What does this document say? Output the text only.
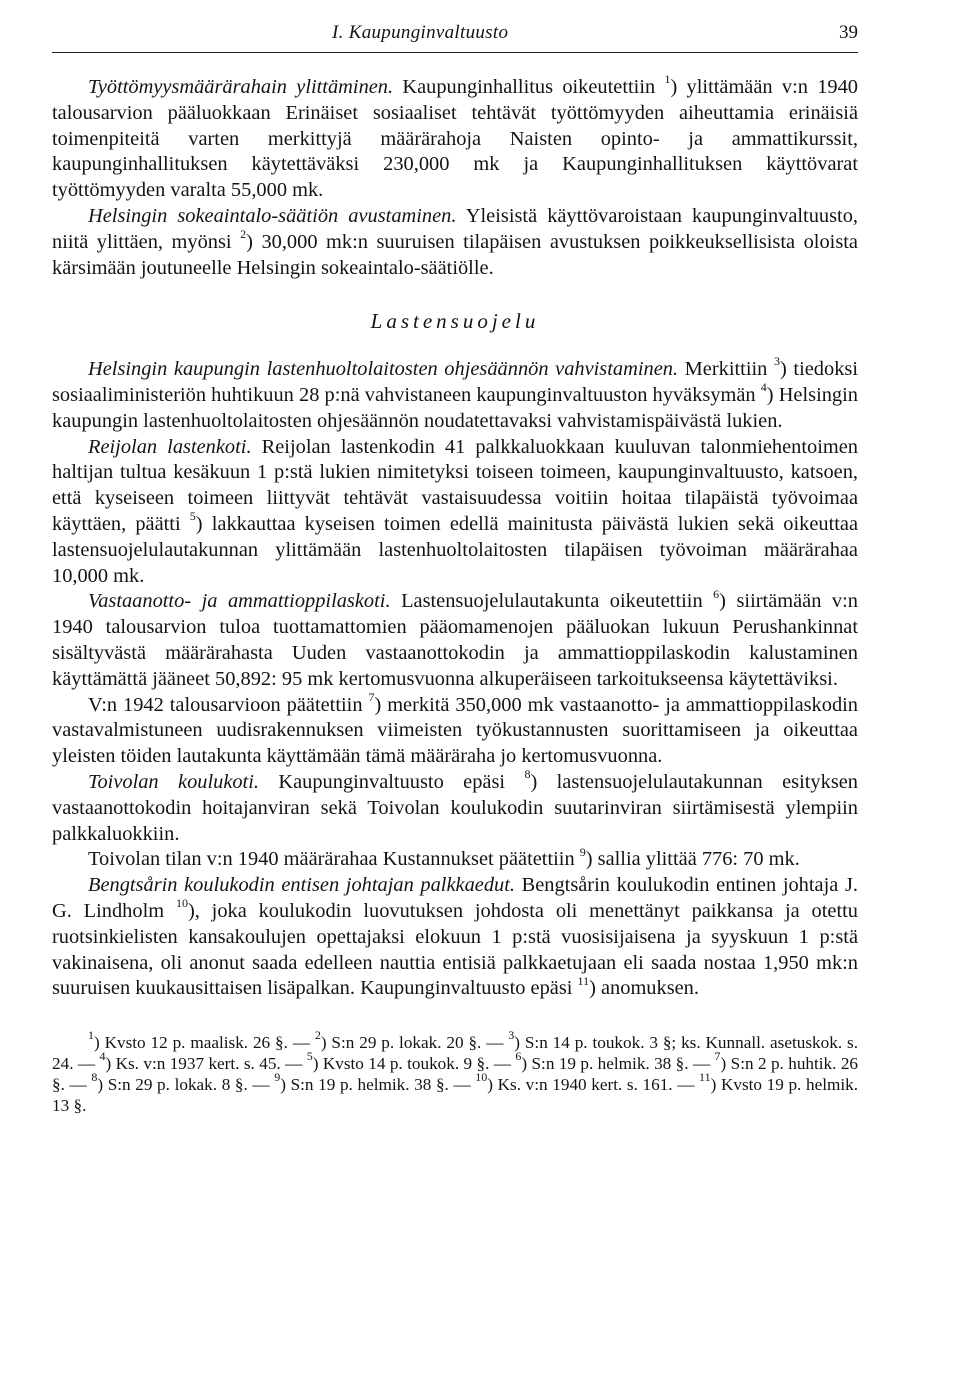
I. Kaupunginvaltuusto	39

Työttömyysmäärärahain ylittäminen. Kaupunginhallitus oikeutettiin $^1$) ylittämään v:n 1940 talousarvion pääluokkaan Erinäiset sosiaaliset tehtävät työttömyyden aiheuttamia erinäisiä toimenpiteitä varten merkittyjä määrärahoja Naisten opinto- ja ammattikurssit, kaupunginhallituksen käytettäväksi 230,000 mk ja Kaupunginhallituksen käyttövarat työttömyyden varalta 55,000 mk.

Helsingin sokeaintalo-säätiön avustaminen. Yleisistä käyttövaroistaan kaupunginvaltuusto, niitä ylittäen, myönsi $^2$) 30,000 mk:n suuruisen tilapäisen avustuksen poikkeuksellisista oloista kärsimään joutuneelle Helsingin sokeaintalo-säätiölle.

Lastensuojelu

Helsingin kaupungin lastenhuoltolaitosten ohjesäännön vahvistaminen. Merkittiin $^3$) tiedoksi sosiaaliministeriön huhtikuun 28 p:nä vahvistaneen kaupunginvaltuuston hyväksymän $^4$) Helsingin kaupungin lastenhuoltolaitosten ohjesäännön noudatettavaksi vahvistamispäivästä lukien.

Reijolan lastenkoti. Reijolan lastenkodin 41 palkkaluokkaan kuuluvan talonmiehentoimen haltijan tultua kesäkuun 1 p:stä lukien nimitetyksi toiseen toimeen, kaupunginvaltuusto, katsoen, että kyseiseen toimeen liittyvät tehtävät vastaisuudessa voitiin hoitaa tilapäistä työvoimaa käyttäen, päätti $^5$) lakkauttaa kyseisen toimen edellä mainitusta päivästä lukien sekä oikeuttaa lastensuojelulautakunnan ylittämään lastenhuoltolaitosten tilapäisen työvoiman määrärahaa 10,000 mk.

Vastaanotto- ja ammattioppilaskoti. Lastensuojelulautakunta oikeutettiin $^6$) siirtämään v:n 1940 talousarvion tuloa tuottamattomien pääomamenojen pääluokan lukuun Perushankinnat sisältyvästä määrärahasta Uuden vastaanottokodin ja ammattioppilaskodin kalustaminen käyttämättä jääneet 50,892: 95 mk kertomusvuonna alkuperäiseen tarkoitukseensa käytettäviksi.

V:n 1942 talousarvioon päätettiin $^7$) merkitä 350,000 mk vastaanotto- ja ammattioppilaskodin vastavalmistuneen uudisrakennuksen viimeisten työkustannusten suorittamiseen ja oikeuttaa yleisten töiden lautakunta käyttämään tämä määräraha jo kertomusvuonna.

Toivolan koulukoti. Kaupunginvaltuusto epäsi $^8$) lastensuojelulautakunnan esityksen vastaanottokodin hoitajanviran sekä Toivolan koulukodin suutarinviran siirtämisestä ylempiin palkkaluokkiin.

Toivolan tilan v:n 1940 määrärahaa Kustannukset päätettiin $^9$) sallia ylittää 776: 70 mk.

Bengtsårin koulukodin entisen johtajan palkkaedut. Bengtsårin koulukodin entinen johtaja J. G. Lindholm $^{10}$), joka koulukodin luovutuksen johdosta oli menettänyt paikkansa ja otettu ruotsinkielisten kansakoulujen opettajaksi elokuun 1 p:stä vuosisijaisena ja syyskuun 1 p:stä vakinaisena, oli anonut saada edelleen nauttia entisiä palkkaetujaan eli saada nostaa 1,950 mk:n suuruisen kuukausittaisen lisäpalkan. Kaupunginvaltuusto epäsi $^{11}$) anomuksen.

$^1$) Kvsto 12 p. maalisk. 26 §. — $^2$) S:n 29 p. lokak. 20 §. — $^3$) S:n 14 p. toukok. 3 §; ks. Kunnall. asetuskok. s. 24. — $^4$) Ks. v:n 1937 kert. s. 45. — $^5$) Kvsto 14 p. toukok. 9 §. — $^6$) S:n 19 p. helmik. 38 §. — $^7$) S:n 2 p. huhtik. 26 §. — $^8$) S:n 29 p. lokak. 8 §. — $^9$) S:n 19 p. helmik. 38 §. — $^{10}$) Ks. v:n 1940 kert. s. 161. — $^{11}$) Kvsto 19 p. helmik. 13 §.
